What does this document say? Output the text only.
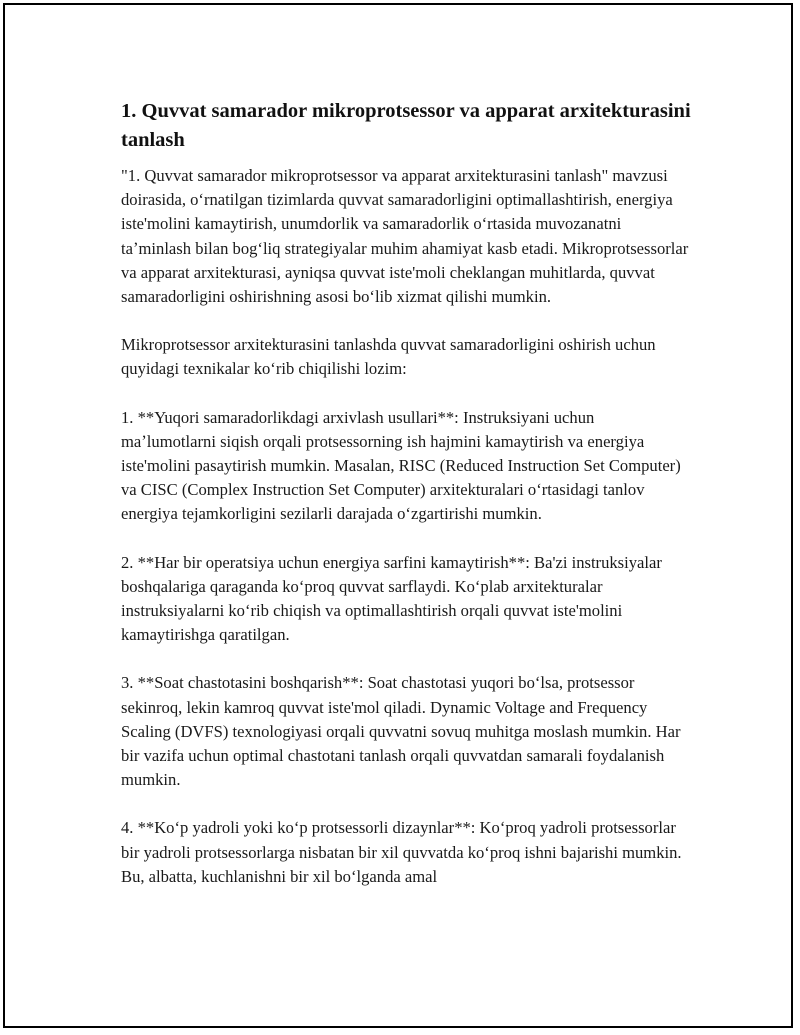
1. Quvvat samarador mikroprotsessor va apparat arxitekturasini tanlash

"1. Quvvat samarador mikroprotsessor va apparat arxitekturasini tanlash" mavzusi doirasida, oʻrnatilgan tizimlarda quvvat samaradorligini optimallashtirish, energiya iste'molini kamaytirish, unumdorlik va samaradorlik oʻrtasida muvozanatni taʼminlash bilan bogʻliq strategiyalar muhim ahamiyat kasb etadi. Mikroprotsessorlar va apparat arxitekturasi, ayniqsa quvvat iste'moli cheklangan muhitlarda, quvvat samaradorligini oshirishning asosi boʻlib xizmat qilishi mumkin.

Mikroprotsessor arxitekturasini tanlashda quvvat samaradorligini oshirish uchun quyidagi texnikalar koʻrib chiqilishi lozim:

1. **Yuqori samaradorlikdagi arxivlash usullari**: Instruksiyani uchun maʼlumotlarni siqish orqali protsessorning ish hajmini kamaytirish va energiya iste'molini pasaytirish mumkin. Masalan, RISC (Reduced Instruction Set Computer) va CISC (Complex Instruction Set Computer) arxitekturalari oʻrtasidagi tanlov energiya tejamkorligini sezilarli darajada oʻzgartirishi mumkin.

2. **Har bir operatsiya uchun energiya sarfini kamaytirish**: Ba'zi instruksiyalar boshqalariga qaraganda koʻproq quvvat sarflaydi. Koʻplab arxitekturalar instruksiyalarni koʻrib chiqish va optimallashtirish orqali quvvat iste'molini kamaytirishga qaratilgan.

3. **Soat chastotasini boshqarish**: Soat chastotasi yuqori boʻlsa, protsessor sekinroq, lekin kamroq quvvat iste'mol qiladi. Dynamic Voltage and Frequency Scaling (DVFS) texnologiyasi orqali quvvatni sovuq muhitga moslash mumkin. Har bir vazifa uchun optimal chastotani tanlash orqali quvvatdan samarali foydalanish mumkin.

4. **Koʻp yadroli yoki koʻp protsessorli dizaynlar**: Koʻproq yadroli protsessorlar bir yadroli protsessorlarga nisbatan bir xil quvvatda koʻproq ishni bajarishi mumkin. Bu, albatta, kuchlanishni bir xil boʻlganda amal
